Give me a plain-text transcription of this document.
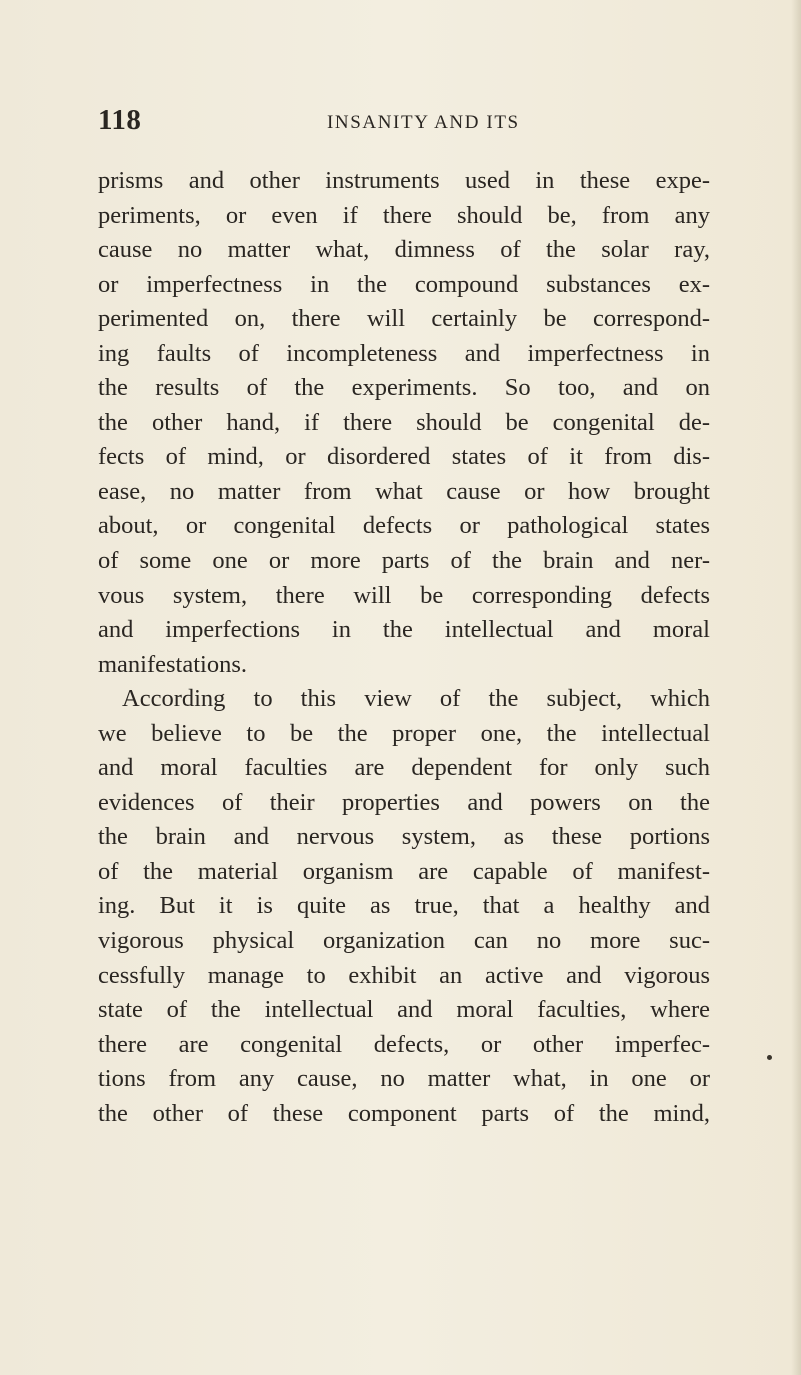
118	INSANITY AND ITS
prisms and other instruments used in these expe-
periments, or even if there should be, from any
cause no matter what, dimness of the solar ray,
or imperfectness in the compound substances ex-
perimented on, there will certainly be correspond-
ing faults of incompleteness and imperfectness in
the results of the experiments. So too, and on
the other hand, if there should be congenital de-
fects of mind, or disordered states of it from dis-
ease, no matter from what cause or how brought
about, or congenital defects or pathological states
of some one or more parts of the brain and ner-
vous system, there will be corresponding defects
and imperfections in the intellectual and moral
manifestations.
According to this view of the subject, which
we believe to be the proper one, the intellectual
and moral faculties are dependent for only such
evidences of their properties and powers on the
the brain and nervous system, as these portions
of the material organism are capable of manifest-
ing. But it is quite as true, that a healthy and
vigorous physical organization can no more suc-
cessfully manage to exhibit an active and vigorous
state of the intellectual and moral faculties, where
there are congenital defects, or other imperfec-
tions from any cause, no matter what, in one or
the other of these component parts of the mind,
